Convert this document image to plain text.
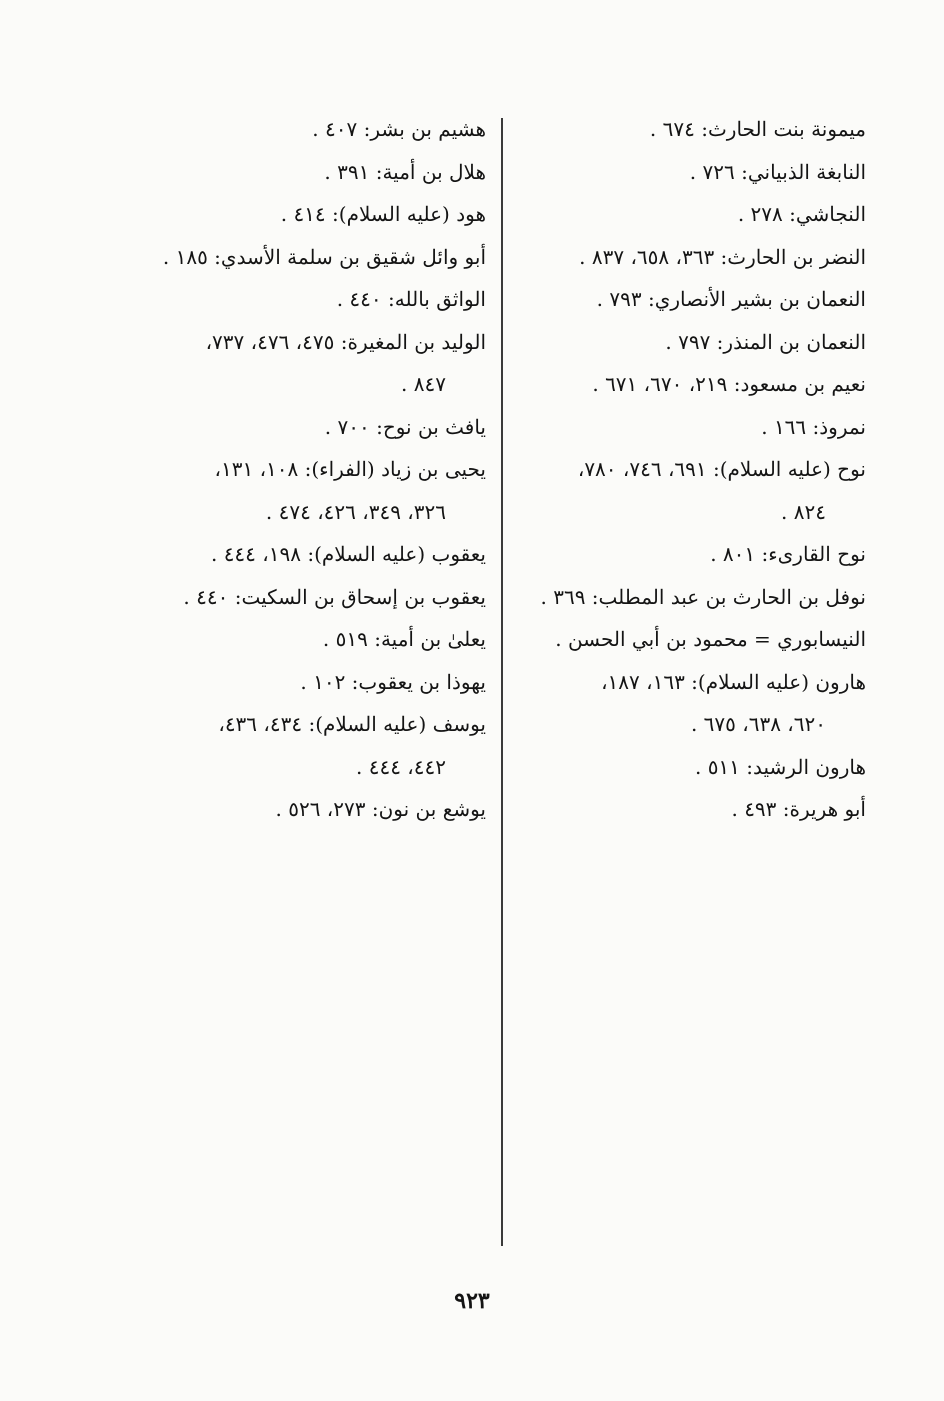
ميمونة بنت الحارث: ٦٧٤ .
النابغة الذبياني: ٧٢٦ .
النجاشي: ٢٧٨ .
النضر بن الحارث: ٣٦٣، ٦٥٨، ٨٣٧ .
النعمان بن بشير الأنصاري: ٧٩٣ .
النعمان بن المنذر: ٧٩٧ .
نعيم بن مسعود: ٢١٩، ٦٧٠، ٦٧١ .
نمروذ: ١٦٦ .
نوح (عليه السلام): ٦٩١، ٧٤٦، ٧٨٠،
٨٢٤ .
نوح القارىء: ٨٠١ .
نوفل بن الحارث بن عبد المطلب: ٣٦٩ .
النيسابوري = محمود بن أبي الحسن .
هارون (عليه السلام): ١٦٣، ١٨٧،
٦٢٠، ٦٣٨، ٦٧٥ .
هارون الرشيد: ٥١١ .
أبو هريرة: ٤٩٣ .
هشيم بن بشر: ٤٠٧ .
هلال بن أمية: ٣٩١ .
هود (عليه السلام): ٤١٤ .
أبو وائل شقيق بن سلمة الأسدي: ١٨٥ .
الواثق بالله: ٤٤٠ .
الوليد بن المغيرة: ٤٧٥، ٤٧٦، ٧٣٧،
٨٤٧ .
يافث بن نوح: ٧٠٠ .
يحيى بن زياد (الفراء): ١٠٨، ١٣١،
٣٢٦، ٣٤٩، ٤٢٦، ٤٧٤ .
يعقوب (عليه السلام): ١٩٨، ٤٤٤ .
يعقوب بن إسحاق بن السكيت: ٤٤٠ .
يعلىٰ بن أمية: ٥١٩ .
يهوذا بن يعقوب: ١٠٢ .
يوسف (عليه السلام): ٤٣٤، ٤٣٦،
٤٤٢، ٤٤٤ .
يوشع بن نون: ٢٧٣، ٥٢٦ .
٩٢٣
